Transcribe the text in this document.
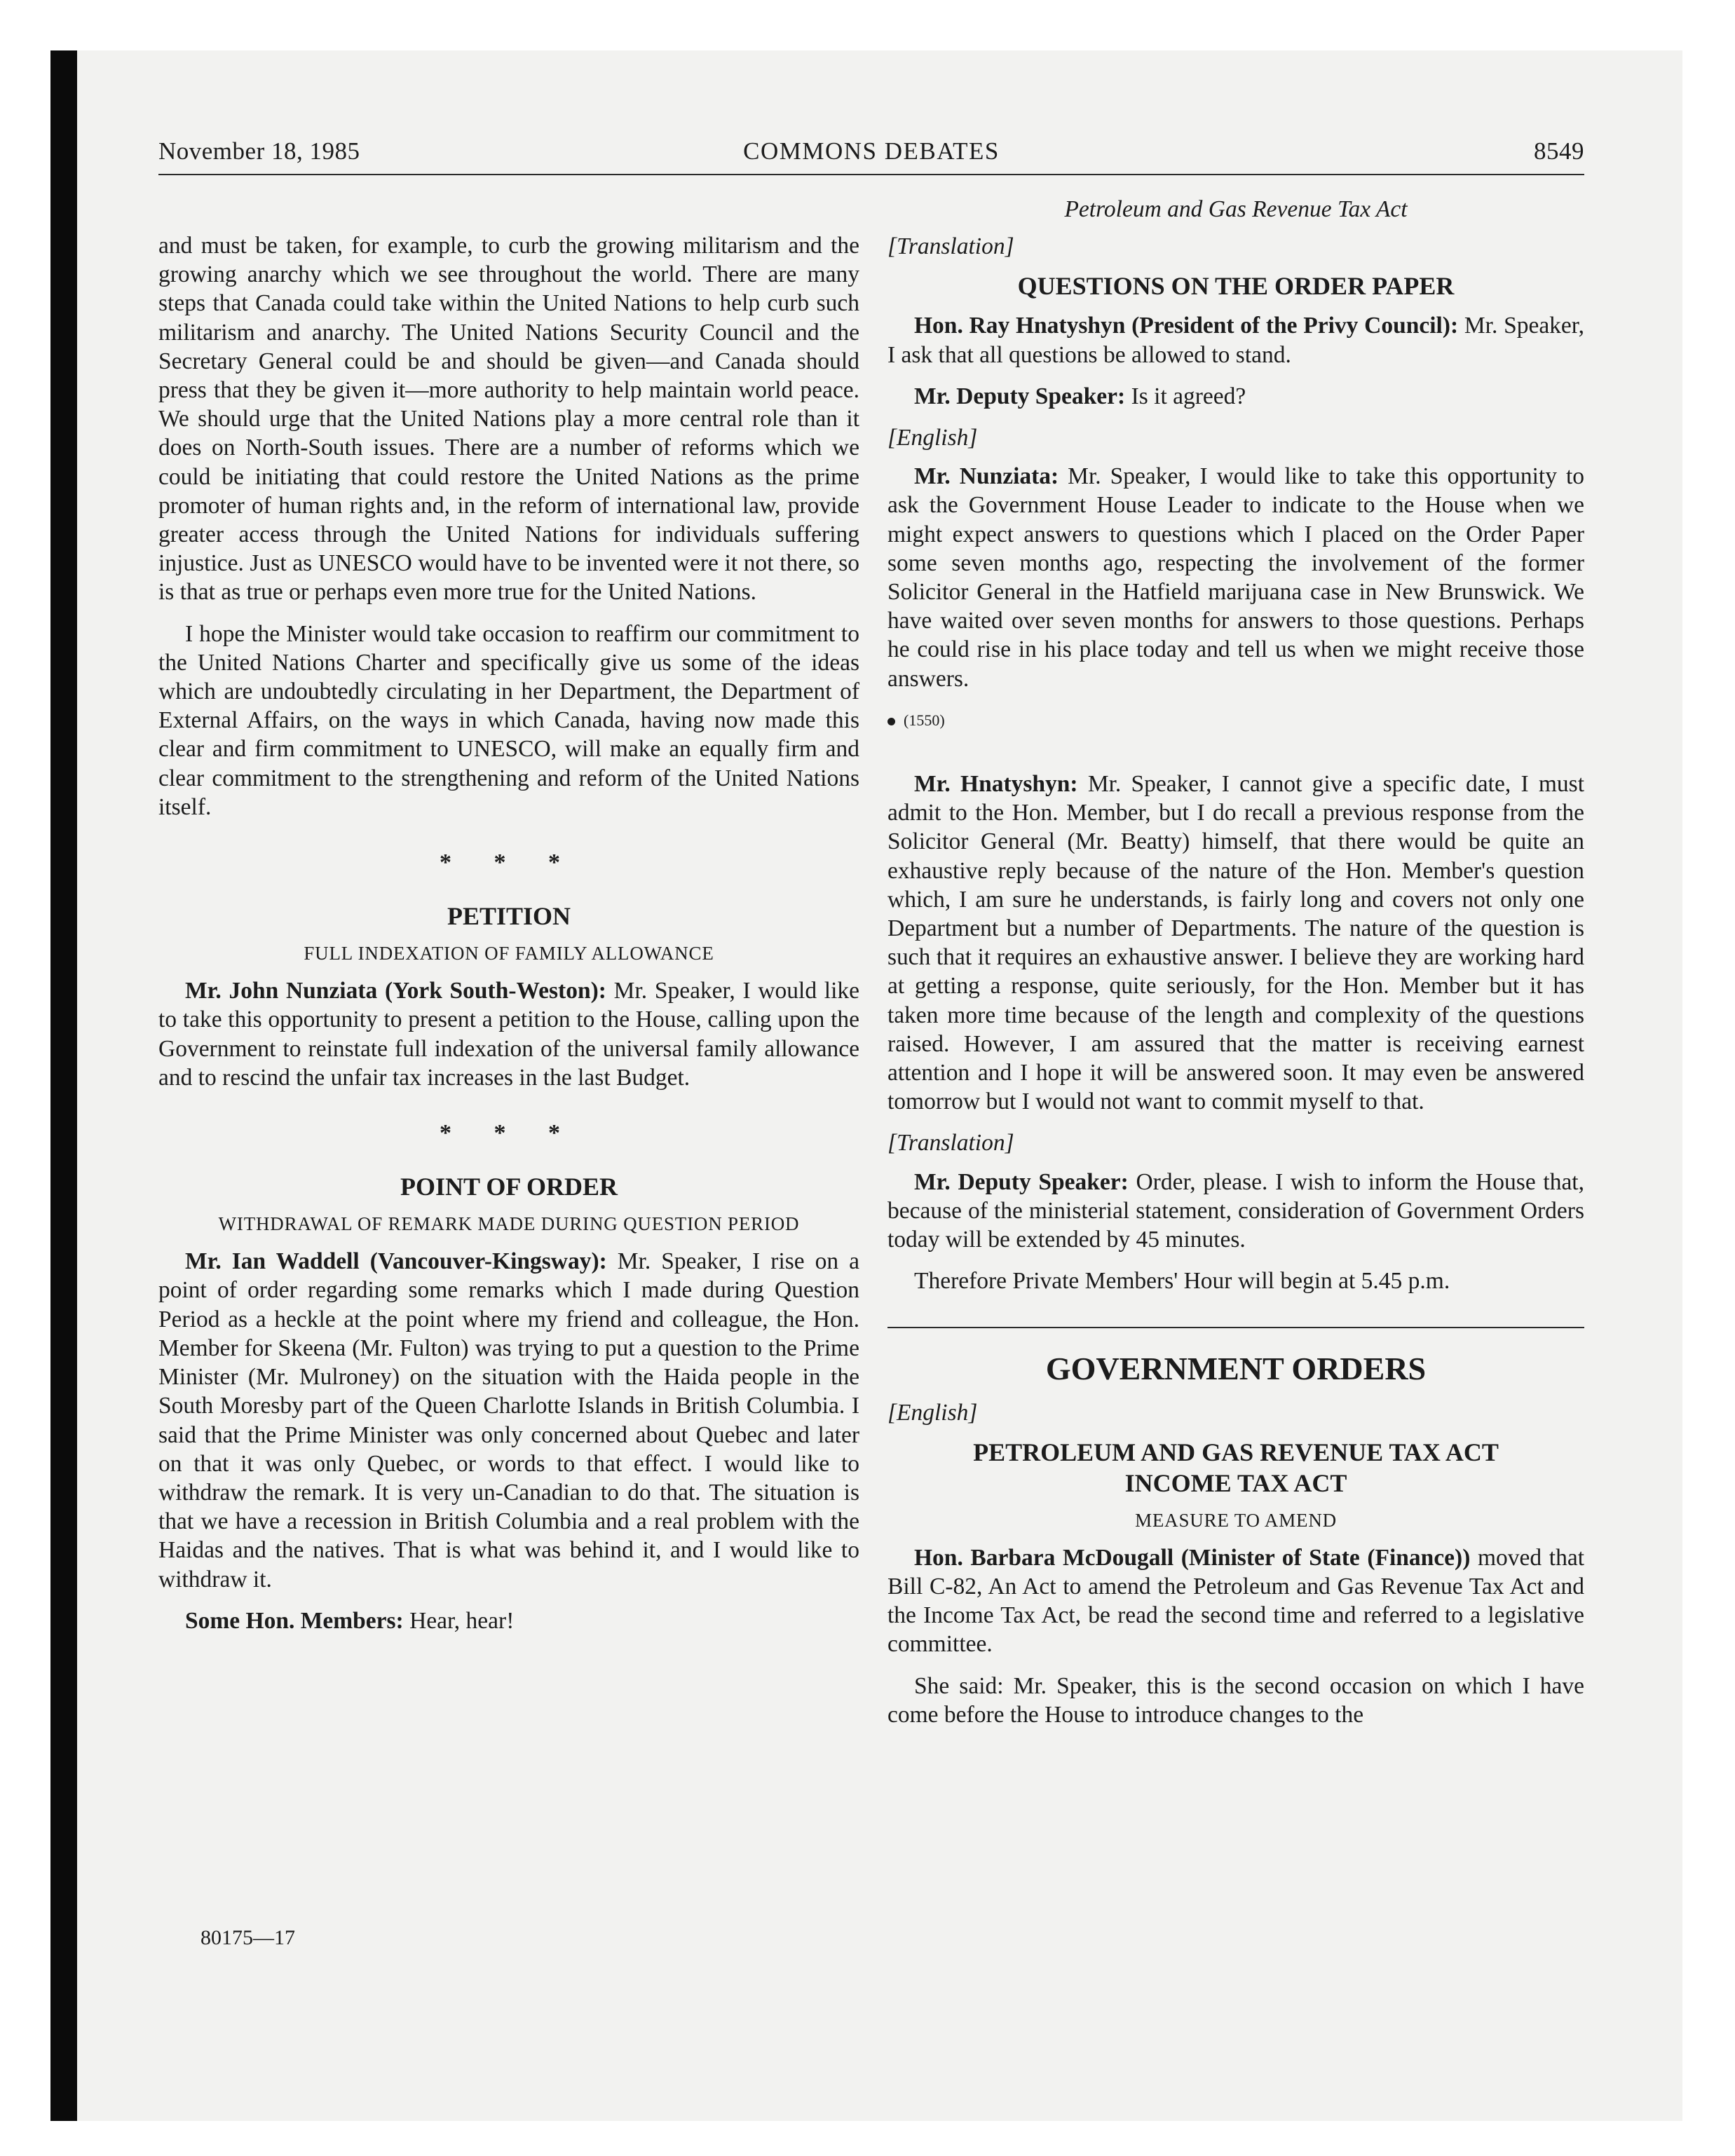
November 18, 1985	COMMONS DEBATES	8549

and must be taken, for example, to curb the growing militarism and the growing anarchy which we see throughout the world. There are many steps that Canada could take within the United Nations to help curb such militarism and anarchy. The United Nations Security Council and the Secretary General could be and should be given—and Canada should press that they be given it—more authority to help maintain world peace. We should urge that the United Nations play a more central role than it does on North-South issues. There are a number of reforms which we could be initiating that could restore the United Nations as the prime promoter of human rights and, in the reform of international law, provide greater access through the United Nations for individuals suffering injustice. Just as UNESCO would have to be invented were it not there, so is that as true or perhaps even more true for the United Nations.

I hope the Minister would take occasion to reaffirm our commitment to the United Nations Charter and specifically give us some of the ideas which are undoubtedly circulating in her Department, the Department of External Affairs, on the ways in which Canada, having now made this clear and firm commitment to UNESCO, will make an equally firm and clear commitment to the strengthening and reform of the United Nations itself.

* * *
PETITION
FULL INDEXATION OF FAMILY ALLOWANCE

Mr. John Nunziata (York South-Weston): Mr. Speaker, I would like to take this opportunity to present a petition to the House, calling upon the Government to reinstate full indexation of the universal family allowance and to rescind the unfair tax increases in the last Budget.

* * *
POINT OF ORDER
WITHDRAWAL OF REMARK MADE DURING QUESTION PERIOD

Mr. Ian Waddell (Vancouver-Kingsway): Mr. Speaker, I rise on a point of order regarding some remarks which I made during Question Period as a heckle at the point where my friend and colleague, the Hon. Member for Skeena (Mr. Fulton) was trying to put a question to the Prime Minister (Mr. Mulroney) on the situation with the Haida people in the South Moresby part of the Queen Charlotte Islands in British Columbia. I said that the Prime Minister was only concerned about Quebec and later on that it was only Quebec, or words to that effect. I would like to withdraw the remark. It is very un-Canadian to do that. The situation is that we have a recession in British Columbia and a real problem with the Haidas and the natives. That is what was behind it, and I would like to withdraw it.

Some Hon. Members: Hear, hear!

Petroleum and Gas Revenue Tax Act
[Translation]
QUESTIONS ON THE ORDER PAPER

Hon. Ray Hnatyshyn (President of the Privy Council): Mr. Speaker, I ask that all questions be allowed to stand.

Mr. Deputy Speaker: Is it agreed?

[English]

Mr. Nunziata: Mr. Speaker, I would like to take this opportunity to ask the Government House Leader to indicate to the House when we might expect answers to questions which I placed on the Order Paper some seven months ago, respecting the involvement of the former Solicitor General in the Hatfield marijuana case in New Brunswick. We have waited over seven months for answers to those questions. Perhaps he could rise in his place today and tell us when we might receive those answers.

(1550)

Mr. Hnatyshyn: Mr. Speaker, I cannot give a specific date, I must admit to the Hon. Member, but I do recall a previous response from the Solicitor General (Mr. Beatty) himself, that there would be quite an exhaustive reply because of the nature of the Hon. Member's question which, I am sure he understands, is fairly long and covers not only one Department but a number of Departments. The nature of the question is such that it requires an exhaustive answer. I believe they are working hard at getting a response, quite seriously, for the Hon. Member but it has taken more time because of the length and complexity of the questions raised. However, I am assured that the matter is receiving earnest attention and I hope it will be answered soon. It may even be answered tomorrow but I would not want to commit myself to that.

[Translation]

Mr. Deputy Speaker: Order, please. I wish to inform the House that, because of the ministerial statement, consideration of Government Orders today will be extended by 45 minutes.

Therefore Private Members' Hour will begin at 5.45 p.m.

GOVERNMENT ORDERS
[English]
PETROLEUM AND GAS REVENUE TAX ACT
INCOME TAX ACT
MEASURE TO AMEND

Hon. Barbara McDougall (Minister of State (Finance)) moved that Bill C-82, An Act to amend the Petroleum and Gas Revenue Tax Act and the Income Tax Act, be read the second time and referred to a legislative committee.

She said: Mr. Speaker, this is the second occasion on which I have come before the House to introduce changes to the

80175—17
